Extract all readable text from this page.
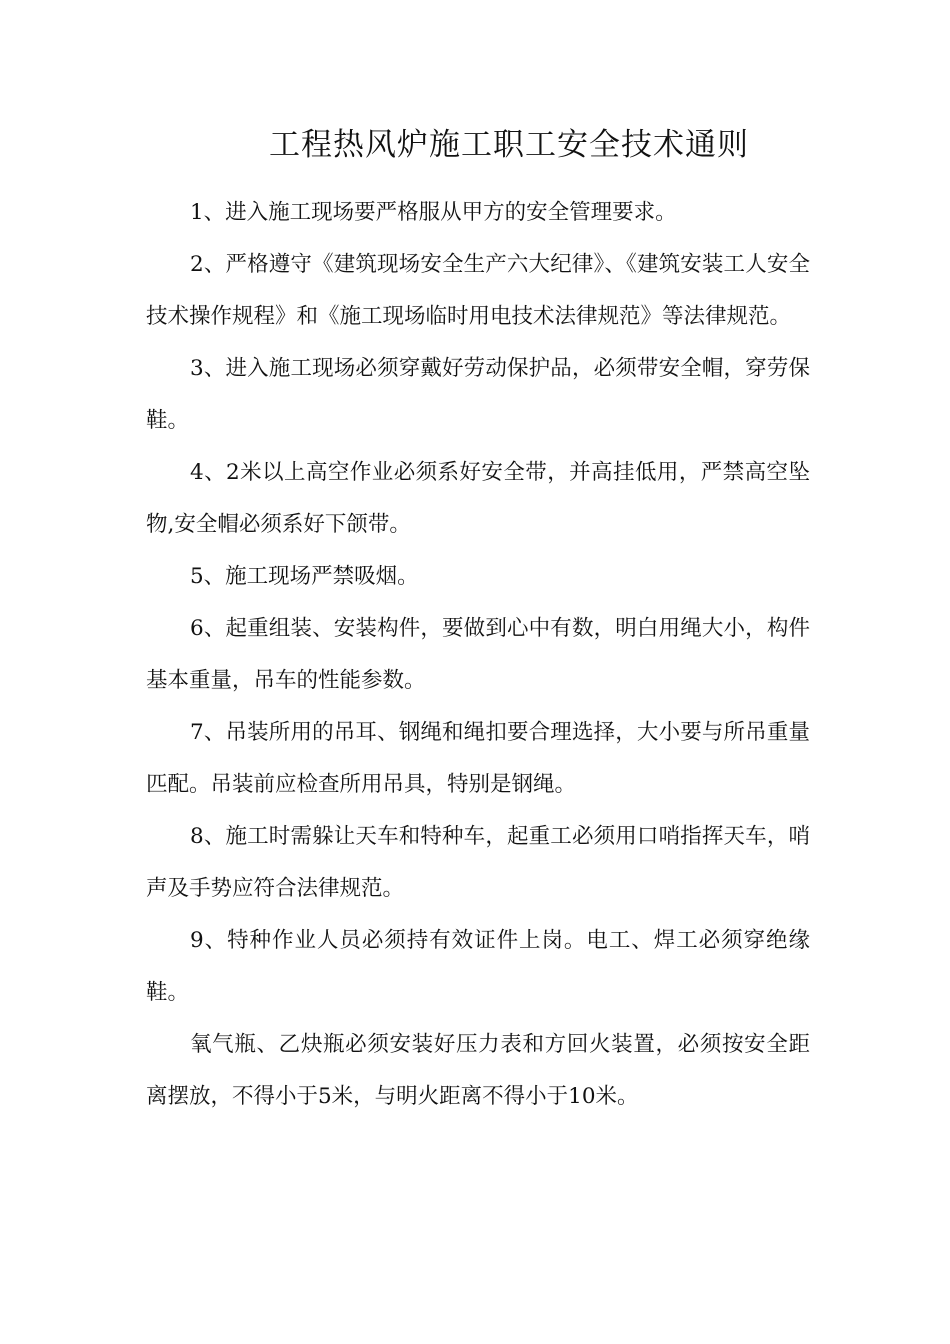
工程热风炉施工职工安全技术通则

1、进入施工现场要严格服从甲方的安全管理要求。

2、严格遵守《建筑现场安全生产六大纪律》、《建筑安装工人安全技术操作规程》和《施工现场临时用电技术法律规范》等法律规范。

3、进入施工现场必须穿戴好劳动保护品，必须带安全帽，穿劳保鞋。

4、2米以上高空作业必须系好安全带，并高挂低用，严禁高空坠物,安全帽必须系好下颌带。

5、施工现场严禁吸烟。

6、起重组装、安装构件，要做到心中有数，明白用绳大小，构件基本重量，吊车的性能参数。

7、吊装所用的吊耳、钢绳和绳扣要合理选择，大小要与所吊重量匹配。吊装前应检查所用吊具，特别是钢绳。

8、施工时需躲让天车和特种车，起重工必须用口哨指挥天车，哨声及手势应符合法律规范。

9、特种作业人员必须持有效证件上岗。电工、焊工必须穿绝缘鞋。

氧气瓶、乙炔瓶必须安装好压力表和方回火装置，必须按安全距离摆放，不得小于5米，与明火距离不得小于10米。
